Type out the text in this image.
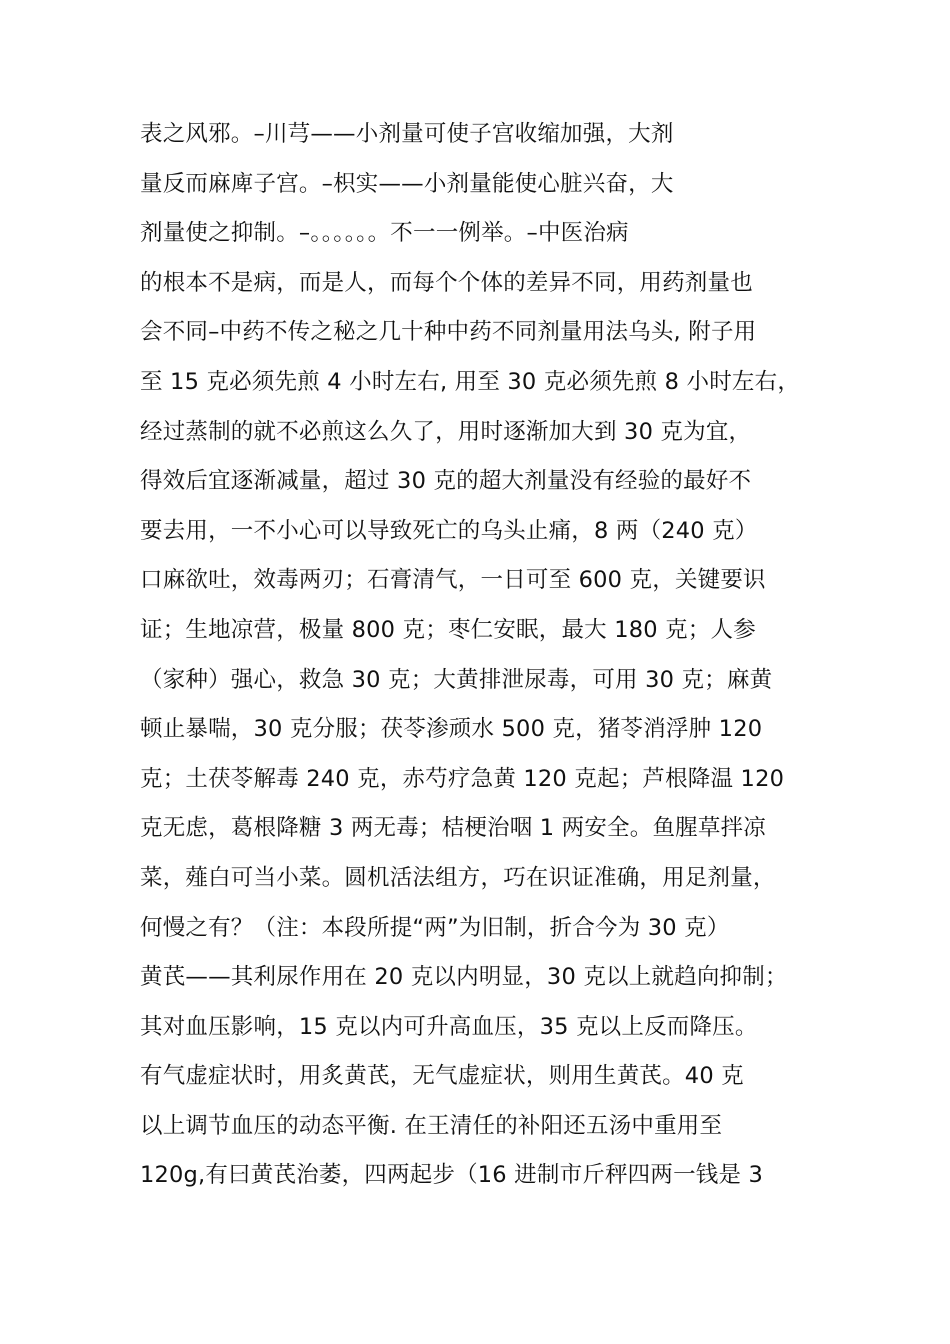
表之风邪。–川芎——小剂量可使子宫收缩加强，大剂
量反而麻庳子宫。–枳实——小剂量能使心脏兴奋，大
剂量使之抑制。–。。。。。。不一一例举。–中医治病
的根本不是病，而是人，而每个个体的差异不同，用药剂量也
会不同–中药不传之秘之几十种中药不同剂量用法乌头, 附子用
至 15 克必须先煎 4 小时左右, 用至 30 克必须先煎 8 小时左右，
经过蒸制的就不必煎这么久了，用时逐渐加大到 30 克为宜，
得效后宜逐渐减量，超过 30 克的超大剂量没有经验的最好不
要去用，一不小心可以导致死亡的乌头止痛，8 两（240 克）
口麻欲吐，效毒两刃；石膏清气，一日可至 600 克，关键要识
证；生地凉营，极量 800 克；枣仁安眠，最大 180 克；人参
（家种）强心，救急 30 克；大黄排泄尿毒，可用 30 克；麻黄
顿止暴喘，30 克分服；茯苓渗顽水 500 克，猪苓消浮肿 120
克；土茯苓解毒 240 克，赤芍疗急黄 120 克起；芦根降温 120
克无虑，葛根降糖 3 两无毒；桔梗治咽 1 两安全。鱼腥草拌凉
菜，薤白可当小菜。圆机活法组方，巧在识证准确，用足剂量，
何慢之有？（注：本段所提“两”为旧制，折合今为 30 克）
黄芪——其利尿作用在 20 克以内明显，30 克以上就趋向抑制；
其对血压影响，15 克以内可升高血压，35 克以上反而降压。
有气虚症状时，用炙黄芪，无气虚症状，则用生黄芪。40 克
以上调节血压的动态平衡. 在王清任的补阳还五汤中重用至
120g,有曰黄芪治萎，四两起步（16 进制市斤秤四两一钱是 3
